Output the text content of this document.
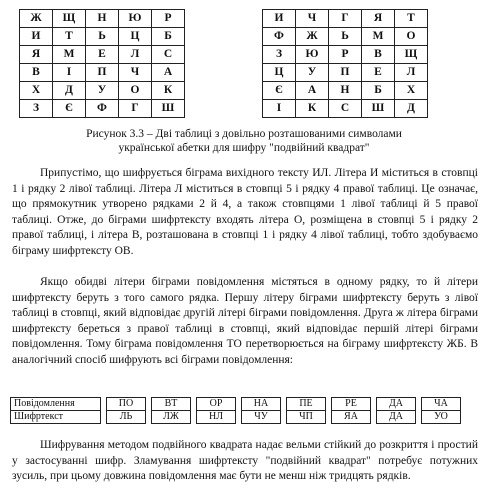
Ж	Щ	Н	Ю	Р
И	Т	Ь	Ц	Б
Я	М	Е	Л	С
В	І	П	Ч	А
Х	Д	У	О	К
З	Є	Ф	Г	Ш
И	Ч	Г	Я	Т
Ф	Ж	Ь	М	О
З	Ю	Р	В	Щ
Ц	У	П	Е	Л
Є	А	Н	Б	Х
І	К	С	Ш	Д
Рисунок 3.3 – Дві таблиці з довільно розташованими символами
української абетки для шифру "подвійний квадрат"

Припустімо, що шифрується біграма вихідного тексту ИЛ. Літера И міститься в стовпці 1 і рядку 2 лівої таблиці. Літера Л міститься в стовпці 5 і рядку 4 правої таблиці. Це означає, що прямокутник утворено рядками 2 й 4, а також стовпцями 1 лівої таблиці й 5 правої таблиці. Отже, до біграми шифртексту входять літера О, розміщена в стовпці 5 і рядку 2 правої таблиці, і літера В, розташована в стовпці 1 і рядку 4 лівої таблиці, тобто здобуваємо біграму шифртексту ОВ.

Якщо обидві літери біграми повідомлення містяться в одному рядку, то й літери шифртексту беруть з того самого рядка. Першу літеру біграми шифртексту беруть з лівої таблиці в стовпці, який відповідає другій літері біграми повідомлення. Друга ж літера біграми шифртексту береться з правої таблиці в стовпці, який відповідає першій літері біграми повідомлення. Тому біграма повідомлення ТО перетворюється на біграму шифртексту ЖБ. В аналогічний спосіб шифрують всі біграми повідомлення:

Повідомлення		ПО		ВТ		ОР		НА		ПЕ		РЕ		ДА		ЧА
Шифртекст		ЛЬ		ЛЖ		НЛ		ЧУ		ЧП		ЯА		ДА		УО

Шифрування методом подвійного квадрата надає вельми стійкий до розкриття і простий у застосуванні шифр. Зламування шифртексту "подвійний квадрат" потребує потужних зусиль, при цьому довжина повідомлення має бути не менш ніж тридцять рядків.
